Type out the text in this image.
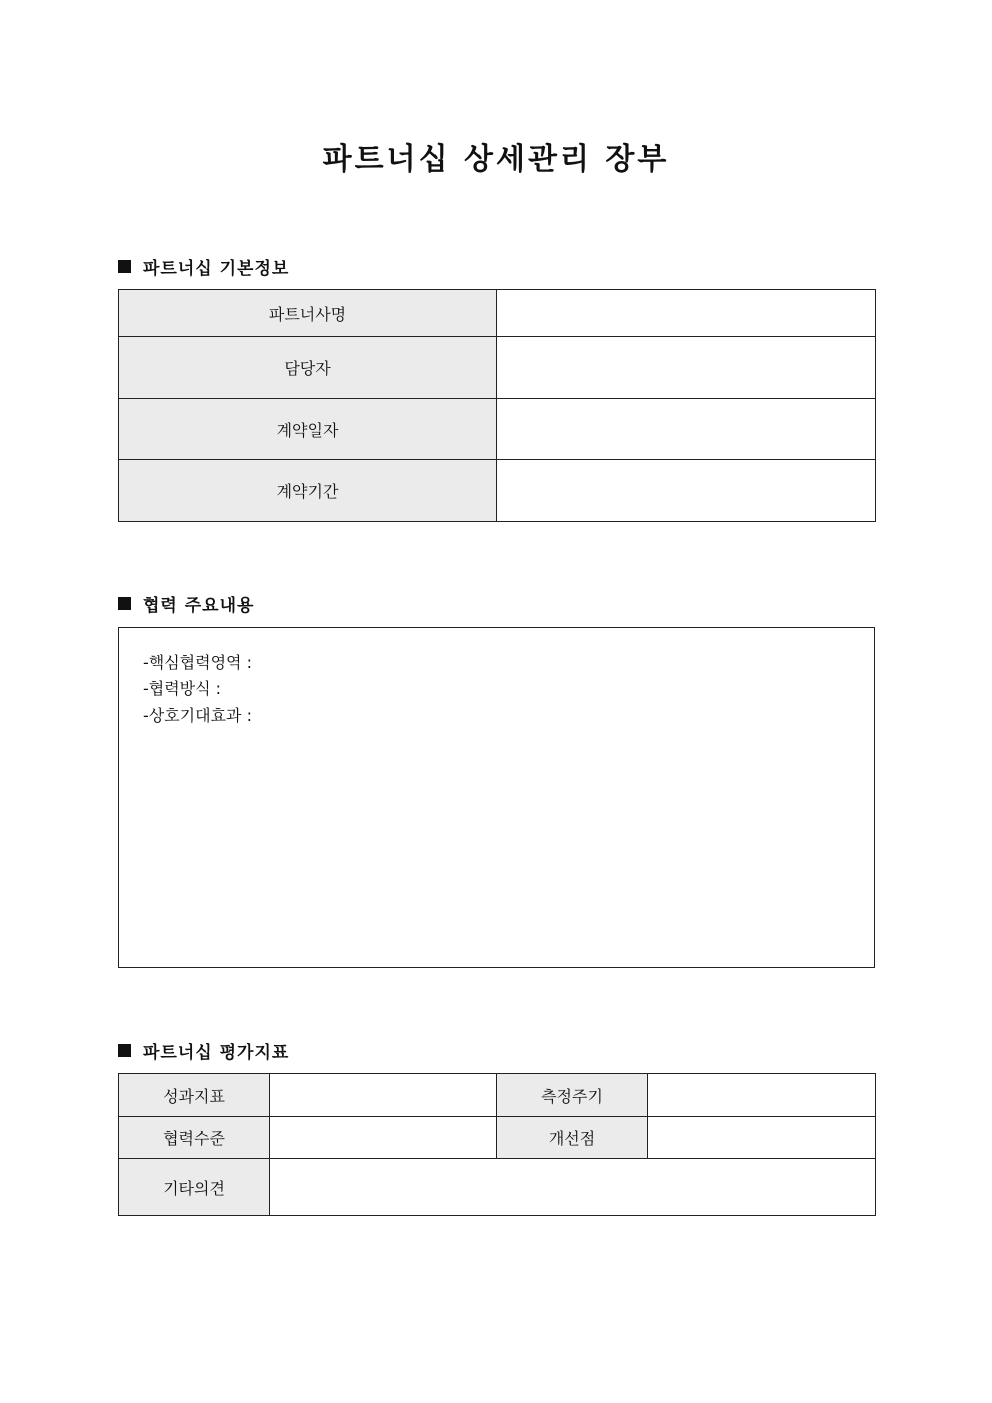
파트너십 상세관리 장부
파트너십 기본정보
파트너사명	
담당자	
계약일자	
계약기간	
협력 주요내용
-핵심협력영역 :
-협력방식 :
-상호기대효과 :
파트너십 평가지표
성과지표		측정주기	
협력수준		개선점	
기타의견			
